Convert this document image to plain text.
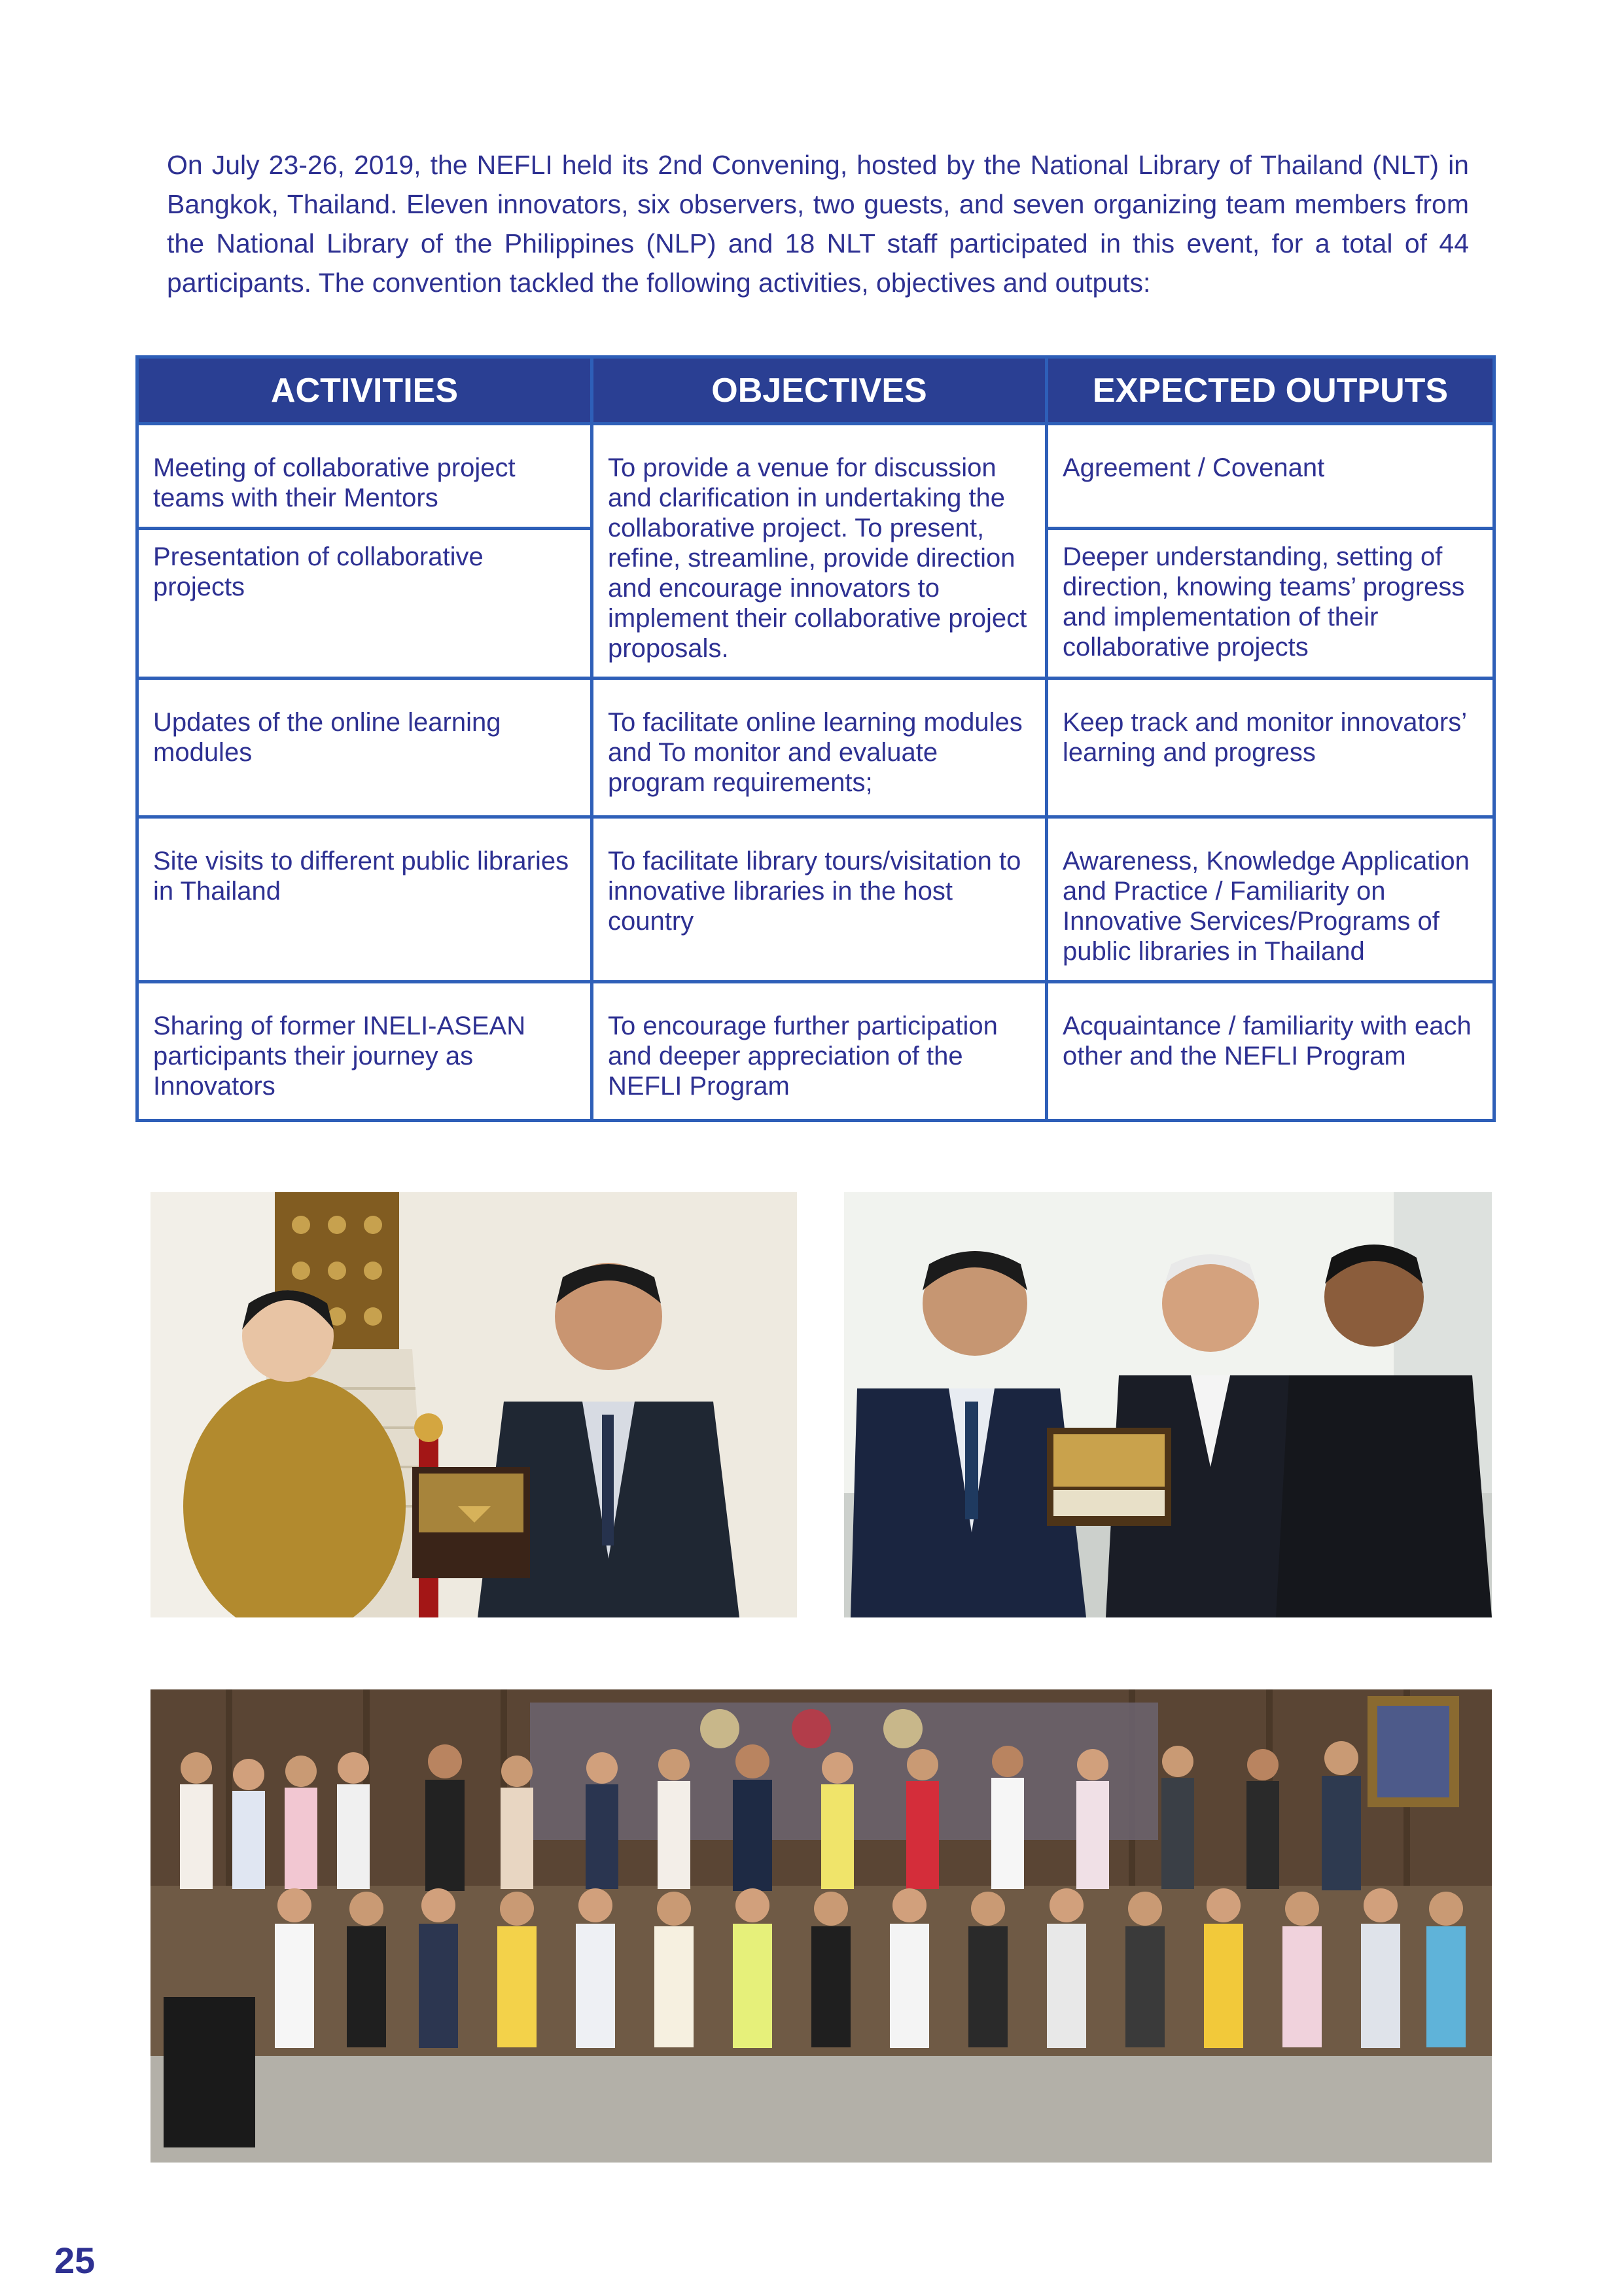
On July 23-26, 2019, the NEFLI held its 2nd Convening, hosted by the National Library of Thailand (NLT) in Bangkok, Thailand. Eleven innovators, six observers, two guests, and seven organizing team members from the National Library of the Philippines (NLP) and 18 NLT staff participated in this event, for a total of 44 participants. The convention tackled the following activities, objectives and outputs:

ACTIVITIES	OBJECTIVES	EXPECTED OUTPUTS
Meeting of collaborative project teams with their Mentors	To provide a venue for discussion and clarification in undertaking the collaborative project. To present, refine, streamline, provide direction and encourage innovators to implement their collaborative project proposals.	Agreement / Covenant
Presentation of collaborative projects		Deeper understanding, setting of direction, knowing teams’ progress and implementation of their collaborative projects
Updates of the online learning modules	To facilitate online learning modules and To monitor and evaluate program requirements;	Keep track and monitor innovators’ learning and progress
Site visits to different public libraries in Thailand	To facilitate library tours/visitation to innovative libraries in the host country	Awareness, Knowledge Application and Practice / Familiarity on Innovative Services/Programs of public libraries in Thailand
Sharing of former INELI-ASEAN participants their journey as Innovators	To encourage further participation and deeper appreciation of the NEFLI Program	Acquaintance / familiarity with each other and the NEFLI Program
25
